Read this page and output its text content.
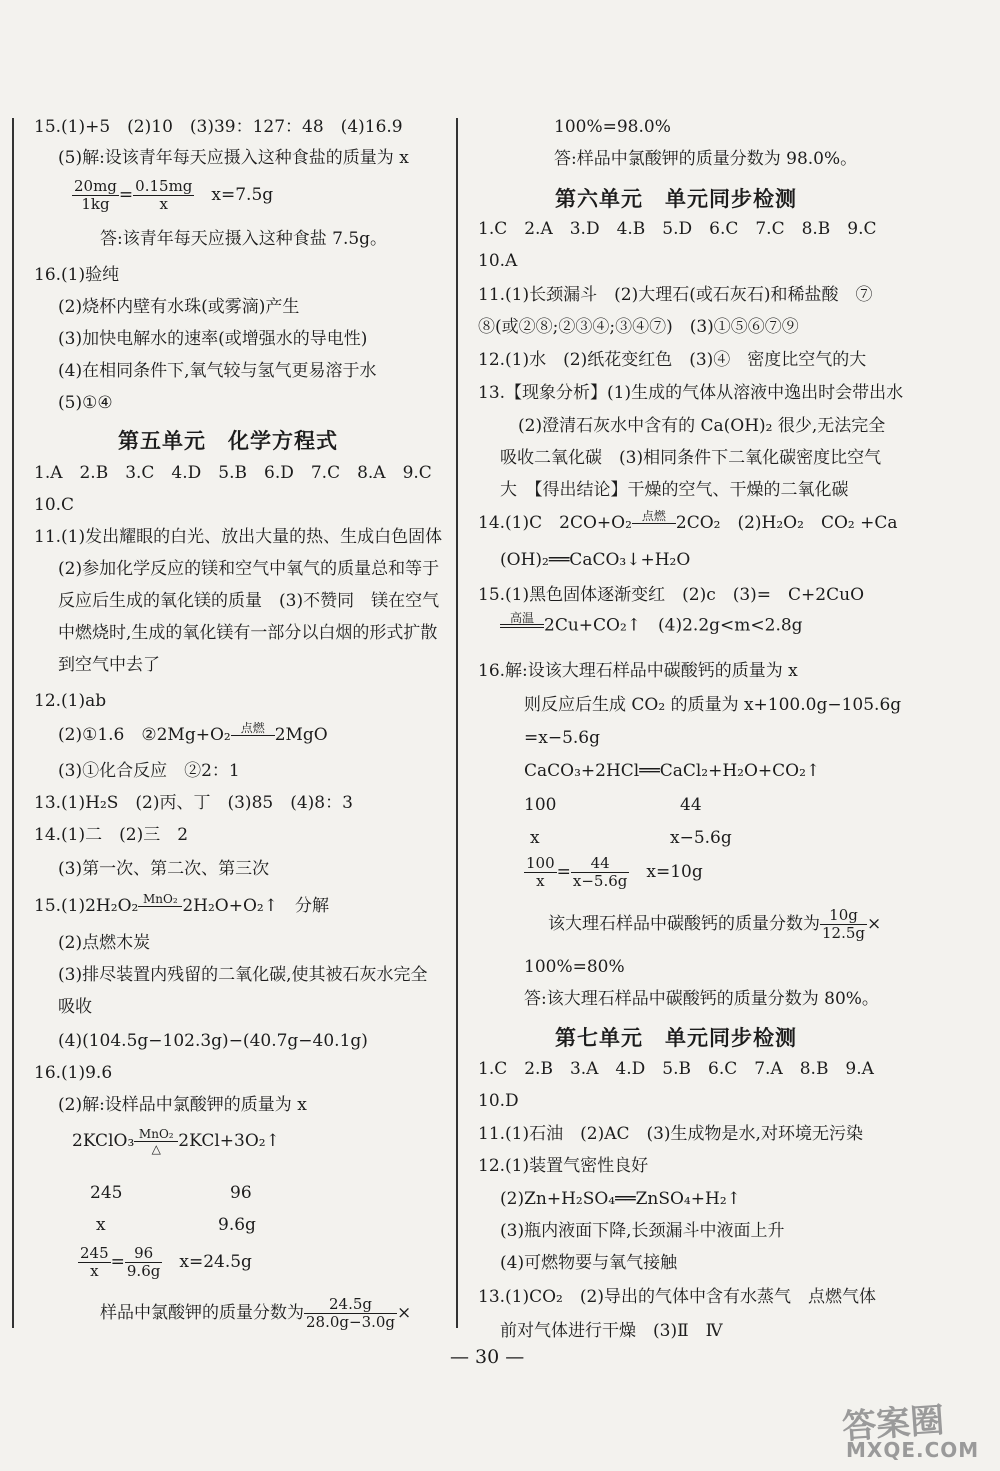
15.(1)+5　(2)10　(3)39：127：48　(4)16.9
(5)解:设该青年每天应摄入这种食盐的质量为 x
$\frac{20mg}{1kg} = \frac{0.15mg}{x}$
　 x=7.5g
答:该青年每天应摄入这种食盐 7.5g。
16.(1)验纯
(2)烧杯内壁有水珠(或雾滴)产生
(3)加快电解水的速率(或增强水的导电性)
(4)在相同条件下,氧气较与氢气更易溶于水
(5)①④
第五单元　化学方程式
1.A　2.B　3.C　4.D　5.B　6.D　7.C　8.A　9.C
10.C
11.(1)发出耀眼的白光、放出大量的热、生成白色固体
(2)参加化学反应的镁和空气中氧气的质量总和等于
反应后生成的氧化镁的质量　(3)不赞同　镁在空气
中燃烧时,生成的氧化镁有一部分以白烟的形式扩散
到空气中去了
12.(1)ab
(2)①1.6　②2Mg+O₂ 点燃
2MgO
(3)①化合反应　②2：1
13.(1)H₂S　(2)丙、丁　(3)85　(4)8：3
14.(1)二　(2)三　2
(3)第一次、第二次、第三次
15.(1)2H₂O₂ MnO₂
2H₂O+O₂↑　分解
(2)点燃木炭
(3)排尽装置内残留的二氧化碳,使其被石灰水完全
吸收
(4)(104.5g−102.3g)−(40.7g−40.1g)
16.(1)9.6
(2)解:设样品中氯酸钾的质量为 x
2KClO₃ MnO₂
△	2KCl+3O₂↑
245	96
x	9.6g
$\frac{245}{x} = \frac{96}{9.6g}$
　 x=24.5g
样品中氯酸钾的质量分数为 $\frac{24.5g}{28.0g-3.0g}$ ×
100%=98.0%
答:样品中氯酸钾的质量分数为 98.0%。
第六单元　单元同步检测
1.C　2.A　3.D　4.B　5.D　6.C　7.C　8.B　9.C
10.A
11.(1)长颈漏斗　(2)大理石(或石灰石)和稀盐酸　⑦
⑧(或②⑧;②③④;③④⑦)　(3)①⑤⑥⑦⑨
12.(1)水　(2)纸花变红色　(3)④　密度比空气的大
13.【现象分析】(1)生成的气体从溶液中逸出时会带出水
(2)澄清石灰水中含有的 Ca(OH)₂ 很少,无法完全
吸收二氧化碳　(3)相同条件下二氧化碳密度比空气
大　【得出结论】干燥的空气、干燥的二氧化碳
14.(1)C　2CO+O₂ 点燃
2CO₂　(2)H₂O₂　CO₂ +Ca
(OH)₂══CaCO₃↓+H₂O
15.(1)黑色固体逐渐变红　(2)c　(3)=　C+2CuO
高温
2Cu+CO₂↑　(4)2.2g<m<2.8g
16.解:设该大理石样品中碳酸钙的质量为 x
则反应后生成 CO₂ 的质量为 x+100.0g−105.6g
=x−5.6g
CaCO₃+2HCl══CaCl₂+H₂O+CO₂↑
100	44
x	x−5.6g
$\frac{100}{x} = \frac{44}{x-5.6g}$
　 x=10g
该大理石样品中碳酸钙的质量分数为 $\frac{10g}{12.5g}$ ×
100%=80%
答:该大理石样品中碳酸钙的质量分数为 80%。
第七单元　单元同步检测
1.C　2.B　3.A　4.D　5.B　6.C　7.A　8.B　9.A
10.D
11.(1)石油　(2)AC　(3)生成物是水,对环境无污染
12.(1)装置气密性良好
(2)Zn+H₂SO₄══ZnSO₄+H₂↑
(3)瓶内液面下降,长颈漏斗中液面上升
(4)可燃物要与氧气接触
13.(1)CO₂　(2)导出的气体中含有水蒸气　点燃气体
前对气体进行干燥　(3)Ⅱ　Ⅳ
— 30 —
答案圈
MXQE.COM
